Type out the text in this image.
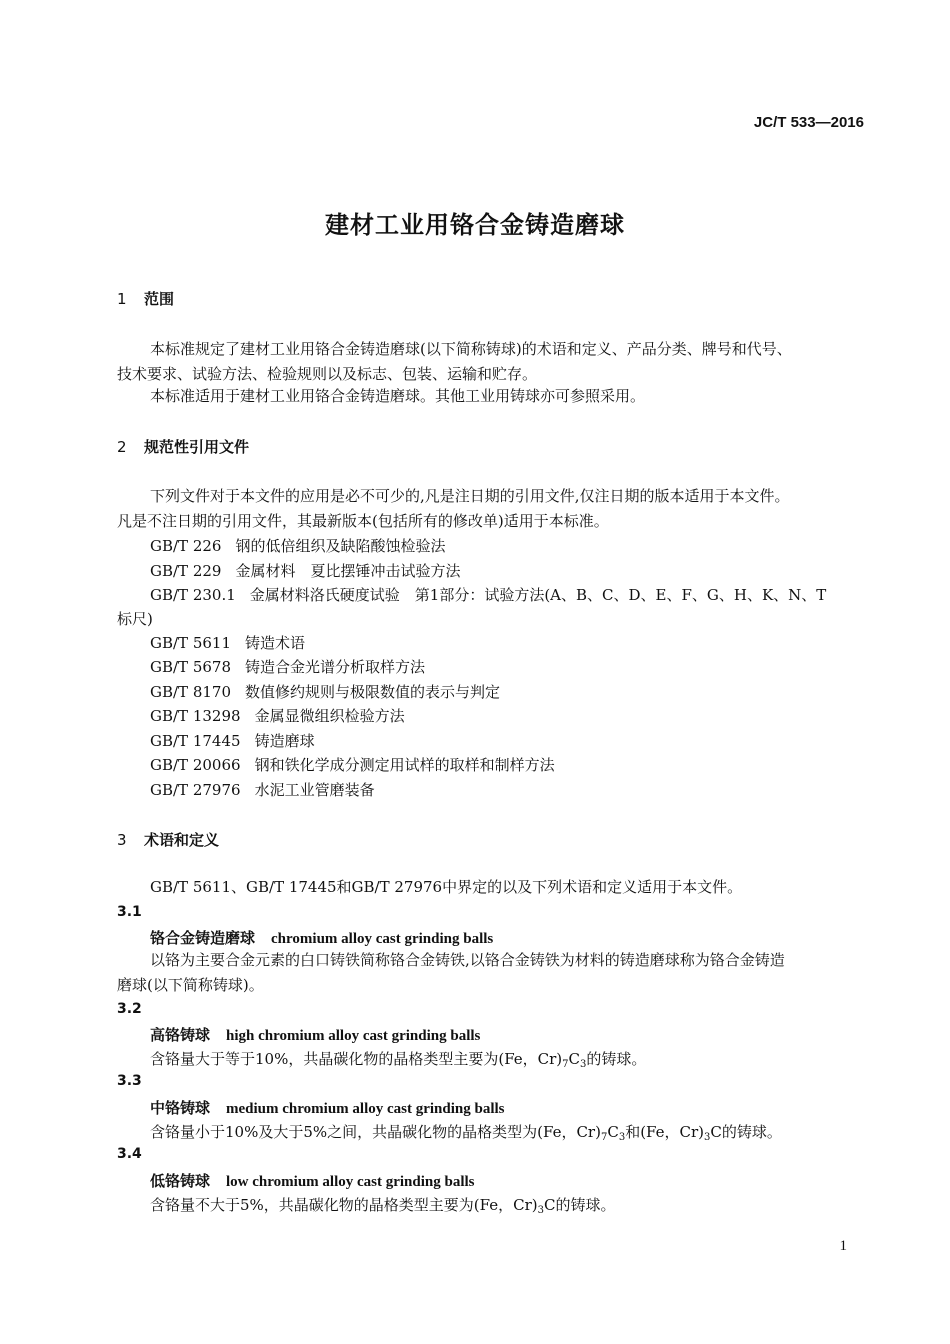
JC/T 533—2016
建材工业用铬合金铸造磨球
1 范围
本标准规定了建材工业用铬合金铸造磨球(以下简称铸球)的术语和定义、产品分类、牌号和代号、
技术要求、试验方法、检验规则以及标志、包装、运输和贮存。
本标准适用于建材工业用铬合金铸造磨球。其他工业用铸球亦可参照采用。
2 规范性引用文件
下列文件对于本文件的应用是必不可少的,凡是注日期的引用文件,仅注日期的版本适用于本文件。
凡是不注日期的引用文件，其最新版本(包括所有的修改单)适用于本标准。
GB/T 226 钢的低倍组织及缺陷酸蚀检验法
GB/T 229 金属材料　夏比摆锤冲击试验方法
GB/T 230.1 金属材料洛氏硬度试验　第1部分：试验方法(A、B、C、D、E、F、G、H、K、N、T
标尺)
GB/T 5611 铸造术语
GB/T 5678 铸造合金光谱分析取样方法
GB/T 8170 数值修约规则与极限数值的表示与判定
GB/T 13298 金属显微组织检验方法
GB/T 17445 铸造磨球
GB/T 20066 钢和铁化学成分测定用试样的取样和制样方法
GB/T 27976 水泥工业管磨装备
3 术语和定义
GB/T 5611、GB/T 17445和GB/T 27976中界定的以及下列术语和定义适用于本文件。
3.1
铬合金铸造磨球 chromium alloy cast grinding balls
以铬为主要合金元素的白口铸铁简称铬合金铸铁,以铬合金铸铁为材料的铸造磨球称为铬合金铸造
磨球(以下简称铸球)。
3.2
高铬铸球 high chromium alloy cast grinding balls
含铬量大于等于10%，共晶碳化物的晶格类型主要为(Fe，$Cr)_7C_3$的铸球。
3.3
中铬铸球 medium chromium alloy cast grinding balls
含铬量小于10%及大于5%之间，共晶碳化物的晶格类型为(Fe，$Cr)_7C_3$和(Fe，$Cr)_3C$的铸球。
3.4
低铬铸球 low chromium alloy cast grinding balls
含铬量不大于5%，共晶碳化物的晶格类型主要为(Fe，$Cr)_3C$的铸球。
1
